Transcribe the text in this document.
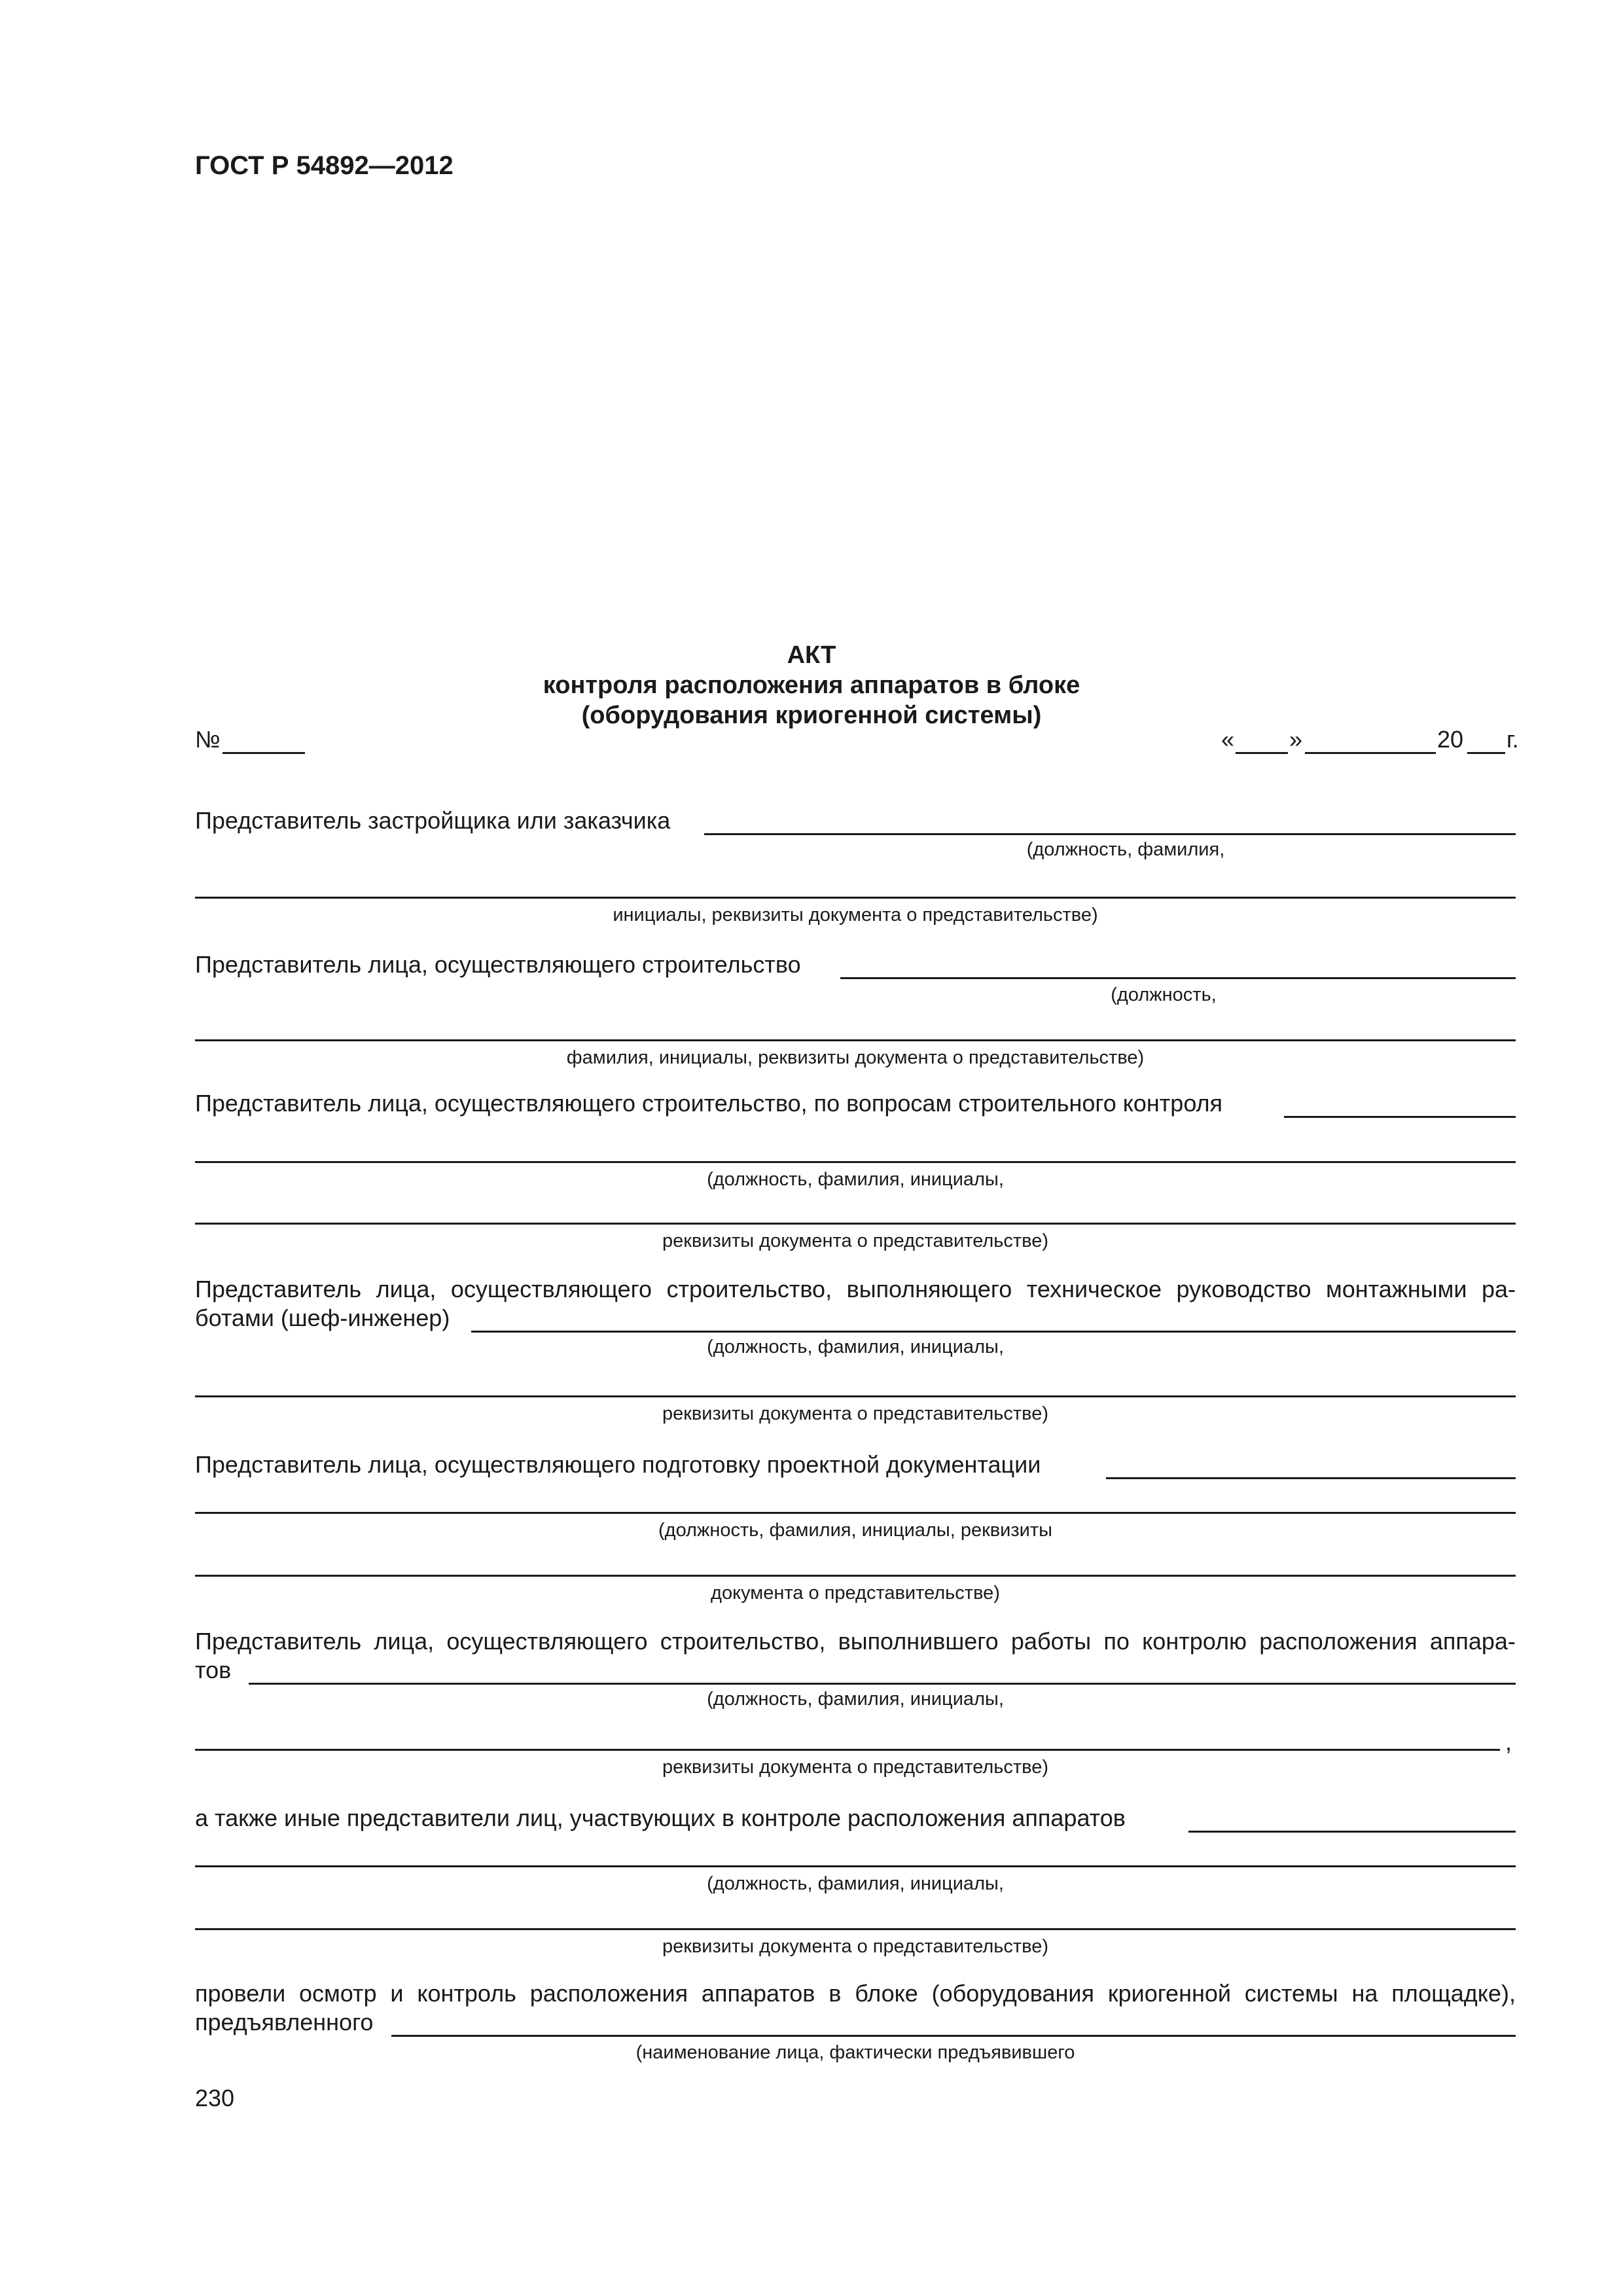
ГОСТ Р 54892—2012
АКТ
контроля расположения аппаратов в блоке
(оборудования криогенной системы)
№	« »	20 г.
Представитель застройщика или заказчика
(должность, фамилия,
инициалы, реквизиты документа о представительстве)
Представитель лица, осуществляющего строительство
(должность,
фамилия, инициалы, реквизиты документа о представительстве)
Представитель лица, осуществляющего строительство, по вопросам строительного контроля
(должность, фамилия, инициалы,
реквизиты документа о представительстве)
Представитель лица, осуществляющего строительство, выполняющего техническое руководство монтажными ра-
ботами (шеф-инженер)
(должность, фамилия, инициалы,
реквизиты документа о представительстве)
Представитель лица, осуществляющего подготовку проектной документации
(должность, фамилия, инициалы, реквизиты
документа о представительстве)
Представитель лица, осуществляющего строительство, выполнившего работы по контролю расположения аппара-
тов
(должность, фамилия, инициалы,
,
реквизиты документа о представительстве)
а также иные представители лиц, участвующих в контроле расположения аппаратов
(должность, фамилия, инициалы,
реквизиты документа о представительстве)
провели осмотр и контроль расположения аппаратов в блоке (оборудования криогенной системы на площадке),
предъявленного
(наименование лица, фактически предъявившего
230
